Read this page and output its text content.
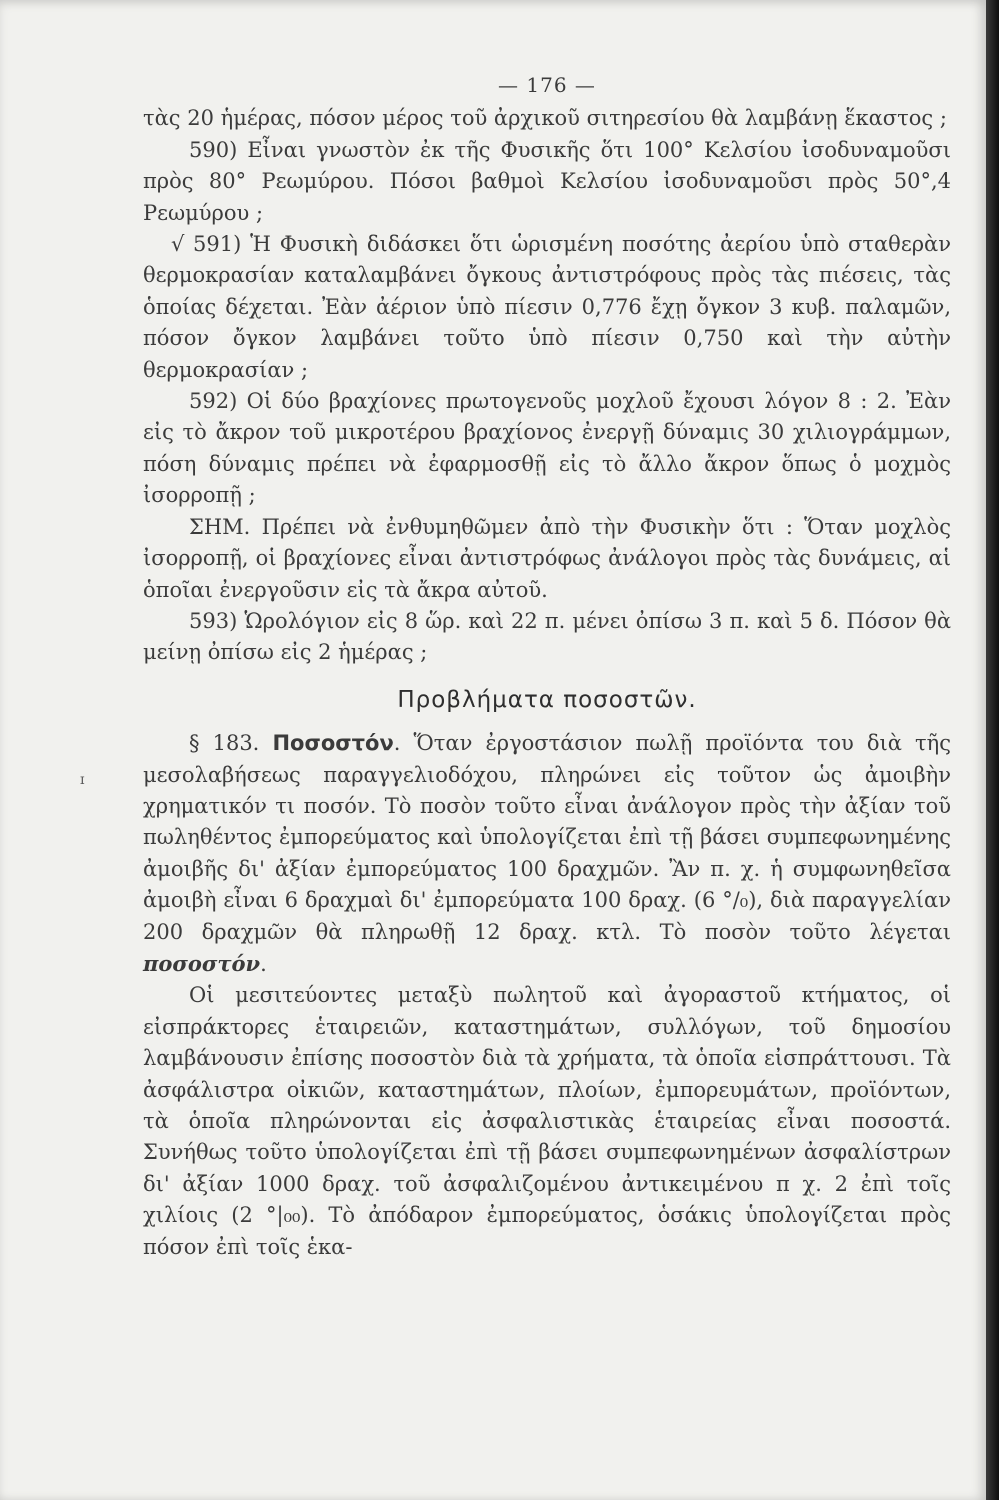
ɪ
— 176 —

τὰς 20 ἡμέρας, πόσον μέρος τοῦ ἀρχικοῦ σιτηρεσίου θὰ λαμβάνῃ ἕκαστος ;

590) Εἶναι γνωστὸν ἐκ τῆς Φυσικῆς ὅτι 100° Κελσίου ἰσοδυναμοῦσι πρὸς 80° Ρεωμύρου. Πόσοι βαθμοὶ Κελσίου ἰσοδυναμοῦσι πρὸς 50°,4 Ρεωμύρου ;

√ 591) Ἡ Φυσικὴ διδάσκει ὅτι ὡρισμένη ποσότης ἀερίου ὑπὸ σταθερὰν θερμοκρασίαν καταλαμβάνει ὄγκους ἀντιστρόφους πρὸς τὰς πιέσεις, τὰς ὁποίας δέχεται. Ἐὰν ἀέριον ὑπὸ πίεσιν 0,776 ἔχῃ ὄγκον 3 κυβ. παλαμῶν, πόσον ὄγκον λαμβάνει τοῦτο ὑπὸ πίεσιν 0,750 καὶ τὴν αὐτὴν θερμοκρασίαν ;

592) Οἱ δύο βραχίονες πρωτογενοῦς μοχλοῦ ἔχουσι λόγον 8 : 2. Ἐὰν εἰς τὸ ἄκρον τοῦ μικροτέρου βραχίονος ἐνεργῇ δύναμις 30 χιλιογράμμων, πόση δύναμις πρέπει νὰ ἐφαρμοσθῇ εἰς τὸ ἄλλο ἄκρον ὅπως ὁ μοχμὸς ἰσορροπῇ ;

ΣΗΜ. Πρέπει νὰ ἐνθυμηθῶμεν ἀπὸ τὴν Φυσικὴν ὅτι : Ὅταν μοχλὸς ἰσορροπῇ, οἱ βραχίονες εἶναι ἀντιστρόφως ἀνάλογοι πρὸς τὰς δυνάμεις, αἱ ὁποῖαι ἐνεργοῦσιν εἰς τὰ ἄκρα αὐτοῦ.

593) Ὡρολόγιον εἰς 8 ὥρ. καὶ 22 π. μένει ὀπίσω 3 π. καὶ 5 δ. Πόσον θὰ μείνῃ ὀπίσω εἰς 2 ἡμέρας ;

Προβλήματα ποσοστῶν.

§ 183. Ποσοστόν. Ὅταν ἐργοστάσιον πωλῇ προϊόντα του διὰ τῆς μεσολαβήσεως παραγγελιοδόχου, πληρώνει εἰς τοῦτον ὡς ἀμοιβὴν χρηματικόν τι ποσόν. Τὸ ποσὸν τοῦτο εἶναι ἀνάλογον πρὸς τὴν ἀξίαν τοῦ πωληθέντος ἐμπορεύματος καὶ ὑπολογίζεται ἐπὶ τῇ βάσει συμπεφωνημένης ἀμοιβῆς δι' ἀξίαν ἐμπορεύματος 100 δραχμῶν. Ἂν π. χ. ἡ συμφωνηθεῖσα ἀμοιβὴ εἶναι 6 δραχμαὶ δι' ἐμπορεύματα 100 δραχ. (6 °/₀), διὰ παραγγελίαν 200 δραχμῶν θὰ πληρωθῇ 12 δραχ. κτλ. Τὸ ποσὸν τοῦτο λέγεται ποσοστόν.

Οἱ μεσιτεύοντες μεταξὺ πωλητοῦ καὶ ἀγοραστοῦ κτήματος, οἱ εἰσπράκτορες ἑταιρειῶν, καταστημάτων, συλλόγων, τοῦ δημοσίου λαμβάνουσιν ἐπίσης ποσοστὸν διὰ τὰ χρήματα, τὰ ὁποῖα εἰσπράττουσι. Τὰ ἀσφάλιστρα οἰκιῶν, καταστημάτων, πλοίων, ἐμπορευμάτων, προϊόντων, τὰ ὁποῖα πληρώνονται εἰς ἀσφαλιστικὰς ἑταιρείας εἶναι ποσοστά. Συνήθως τοῦτο ὑπολογίζεται ἐπὶ τῇ βάσει συμπεφωνημένων ἀσφαλίστρων δι' ἀξίαν 1000 δραχ. τοῦ ἀσφαλιζομένου ἀντικειμένου π χ. 2 ἐπὶ τοῖς χιλίοις (2 °|₀₀). Τὸ ἀπόδαρον ἐμπορεύματος, ὁσάκις ὑπολογίζεται πρὸς πόσον ἐπὶ τοῖς ἑκα-
